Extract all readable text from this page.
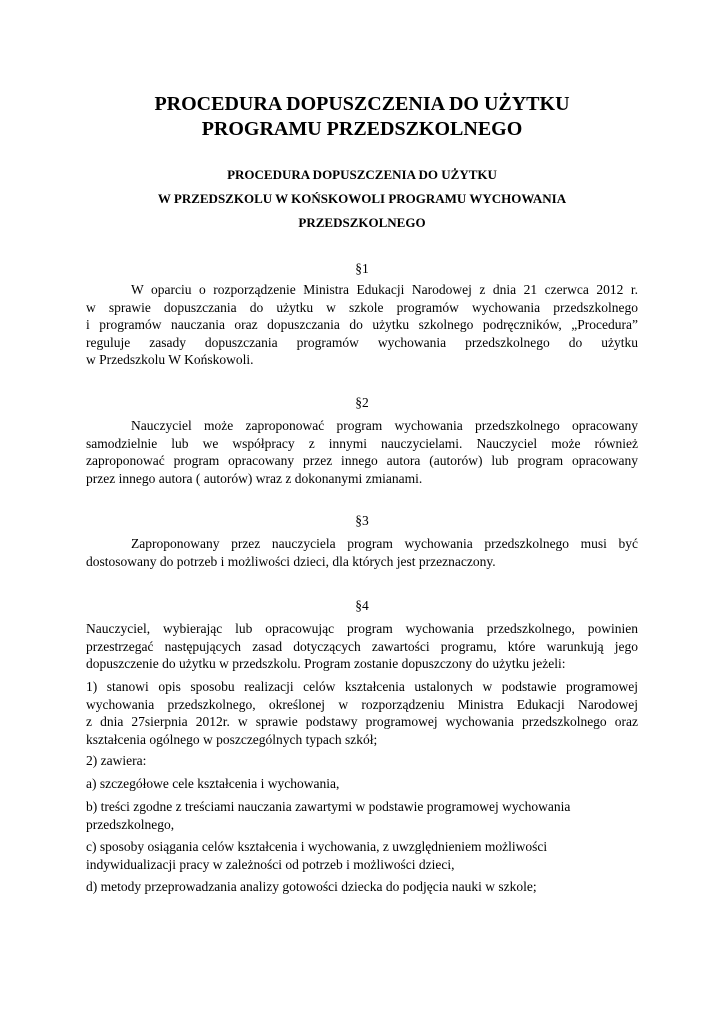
PROCEDURA DOPUSZCZENIA DO UŻYTKU
PROGRAMU PRZEDSZKOLNEGO
PROCEDURA DOPUSZCZENIA DO UŻYTKU
W PRZEDSZKOLU W KOŃSKOWOLI PROGRAMU WYCHOWANIA
PRZEDSZKOLNEGO

§1

W oparciu o rozporządzenie Ministra Edukacji Narodowej z dnia 21 czerwca 2012 r.
w sprawie dopuszczania do użytku w szkole programów wychowania przedszkolnego
i programów nauczania oraz dopuszczania do użytku szkolnego podręczników, „Procedura”
reguluje zasady dopuszczania programów wychowania przedszkolnego do użytku
w Przedszkolu W Końskowoli.

§2

Nauczyciel może zaproponować program wychowania przedszkolnego opracowany
samodzielnie lub we współpracy z innymi nauczycielami. Nauczyciel może również
zaproponować program opracowany przez innego autora (autorów) lub program opracowany
przez innego autora ( autorów) wraz z dokonanymi zmianami.

§3

Zaproponowany przez nauczyciela program wychowania przedszkolnego musi być
dostosowany do potrzeb i możliwości dzieci, dla których jest przeznaczony.

§4

Nauczyciel, wybierając lub opracowując program wychowania przedszkolnego, powinien
przestrzegać następujących zasad dotyczących zawartości programu, które warunkują jego
dopuszczenie do użytku w przedszkolu. Program zostanie dopuszczony do użytku jeżeli:
1) stanowi opis sposobu realizacji celów kształcenia ustalonych w podstawie programowej
wychowania przedszkolnego, określonej w rozporządzeniu Ministra Edukacji Narodowej
z dnia 27sierpnia 2012r. w sprawie podstawy programowej wychowania przedszkolnego oraz
kształcenia ogólnego w poszczególnych typach szkół;

2) zawiera:

a) szczegółowe cele kształcenia i wychowania,

b) treści zgodne z treściami nauczania zawartymi w podstawie programowej wychowania
przedszkolnego,
c) sposoby osiągania celów kształcenia i wychowania, z uwzględnieniem możliwości
indywidualizacji pracy w zależności od potrzeb i możliwości dzieci,

d) metody przeprowadzania analizy gotowości dziecka do podjęcia nauki w szkole;
